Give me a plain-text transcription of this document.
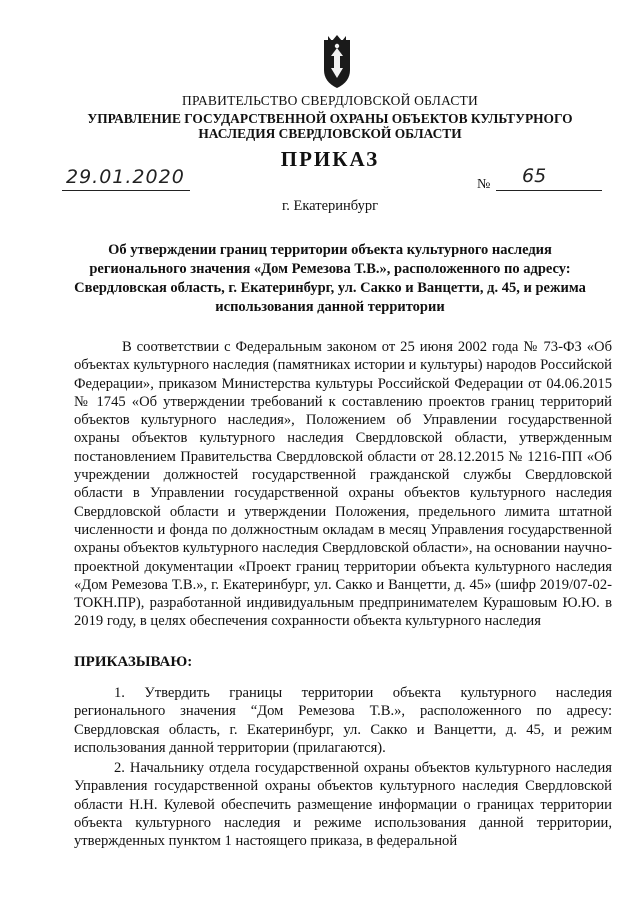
ПРАВИТЕЛЬСТВО СВЕРДЛОВСКОЙ ОБЛАСТИ
УПРАВЛЕНИЕ ГОСУДАРСТВЕННОЙ ОХРАНЫ ОБЪЕКТОВ КУЛЬТУРНОГО НАСЛЕДИЯ СВЕРДЛОВСКОЙ ОБЛАСТИ
ПРИКАЗ
29.01.2020	№ 65
г. Екатеринбург
Об утверждении границ территории объекта культурного наследия регионального значения «Дом Ремезова Т.В.», расположенного по адресу: Свердловская область, г. Екатеринбург, ул. Сакко и Ванцетти, д. 45, и режима использования данной территории

В соответствии с Федеральным законом от 25 июня 2002 года № 73-ФЗ «Об объектах культурного наследия (памятниках истории и культуры) народов Российской Федерации», приказом Министерства культуры Российской Федерации от 04.06.2015 № 1745 «Об утверждении требований к составлению проектов границ территорий объектов культурного наследия», Положением об Управлении государственной охраны объектов культурного наследия Свердловской области, утвержденным постановлением Правительства Свердловской области от 28.12.2015 № 1216-ПП «Об учреждении должностей государственной гражданской службы Свердловской области в Управлении государственной охраны объектов культурного наследия Свердловской области и утверждении Положения, предельного лимита штатной численности и фонда по должностным окладам в месяц Управления государственной охраны объектов культурного наследия Свердловской области», на основании научно-проектной документации «Проект границ территории объекта культурного наследия «Дом Ремезова Т.В.», г. Екатеринбург, ул. Сакко и Ванцетти, д. 45» (шифр 2019/07-02-ТОКН.ПР), разработанной индивидуальным предпринимателем Курашовым Ю.Ю. в 2019 году, в целях обеспечения сохранности объекта культурного наследия

ПРИКАЗЫВАЮ:

1. Утвердить границы территории объекта культурного наследия регионального значения “Дом Ремезова Т.В.», расположенного по адресу: Свердловская область, г. Екатеринбург, ул. Сакко и Ванцетти, д. 45, и режим использования данной территории (прилагаются).

2. Начальнику отдела государственной охраны объектов культурного наследия Управления государственной охраны объектов культурного наследия Свердловской области Н.Н. Кулевой обеспечить размещение информации о границах территории объекта культурного наследия и режиме использования данной территории, утвержденных пунктом 1 настоящего приказа, в федеральной
